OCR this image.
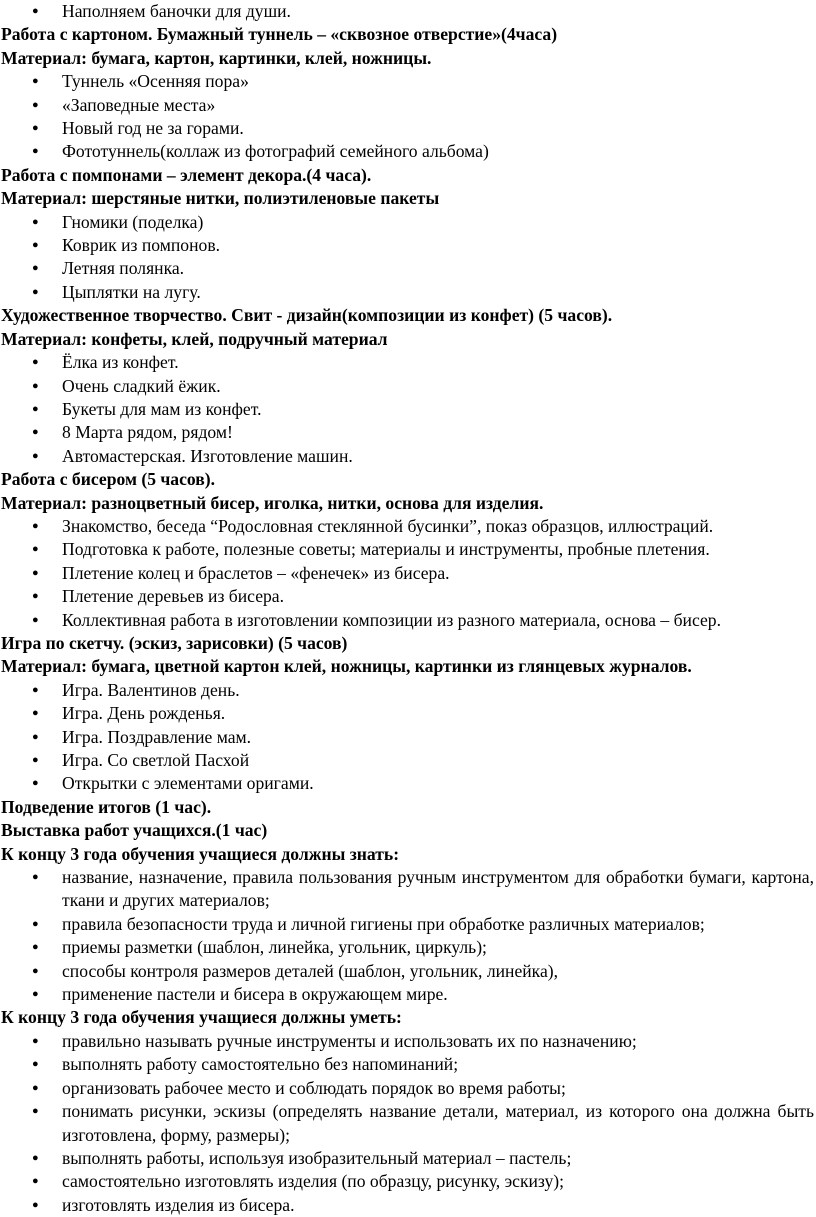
● Наполняем баночки для души.

Работа с картоном. Бумажный туннель – «сквозное отверстие»(4часа)

Материал: бумага, картон, картинки, клей, ножницы.

● Туннель «Осенняя пора»
● «Заповедные места»
● Новый год не за горами.
● Фототуннель(коллаж из фотографий семейного альбома)

Работа с помпонами – элемент декора.(4 часа).

Материал: шерстяные нитки, полиэтиленовые пакеты

● Гномики (поделка)
● Коврик из помпонов.
● Летняя полянка.
● Цыплятки на лугу.

Художественное творчество. Свит - дизайн(композиции из конфет) (5 часов).

Материал: конфеты, клей, подручный материал

● Ёлка из конфет.
● Очень сладкий ёжик.
● Букеты для мам из конфет.
● 8 Марта рядом, рядом!
● Автомастерская. Изготовление машин.

Работа с бисером (5 часов).

Материал: разноцветный бисер, иголка, нитки, основа для изделия.

● Знакомство, беседа “Родословная стеклянной бусинки”, показ образцов, иллюстраций.
● Подготовка к работе, полезные советы; материалы и инструменты, пробные плетения.
● Плетение колец и браслетов – «фенечек» из бисера.
● Плетение деревьев из бисера.
● Коллективная работа в изготовлении композиции из разного материала, основа – бисер.

Игра по скетчу. (эскиз, зарисовки) (5 часов)

Материал: бумага, цветной картон клей, ножницы, картинки из глянцевых журналов.

● Игра. Валентинов день.
● Игра. День рожденья.
● Игра. Поздравление мам.
● Игра. Со светлой Пасхой
● Открытки с элементами оригами.

Подведение итогов (1 час).

Выставка работ учащихся.(1 час)

К концу 3 года обучения учащиеся должны знать:

● название, назначение, правила пользования ручным инструментом для обработки бумаги, картона, ткани и других материалов;
● правила безопасности труда и личной гигиены при обработке различных материалов;
● приемы разметки (шаблон, линейка, угольник, циркуль);
● способы контроля размеров деталей (шаблон, угольник, линейка),
● применение пастели и бисера в окружающем мире.

К концу 3 года обучения учащиеся должны уметь:

● правильно называть ручные инструменты и использовать их по назначению;
● выполнять работу самостоятельно без напоминаний;
● организовать рабочее место и соблюдать порядок во время работы;
● понимать рисунки, эскизы (определять название детали, материал, из которого она должна быть изготовлена, форму, размеры);
● выполнять работы, используя изобразительный материал – пастель;
● самостоятельно изготовлять изделия (по образцу, рисунку, эскизу);
● изготовлять изделия из бисера.
